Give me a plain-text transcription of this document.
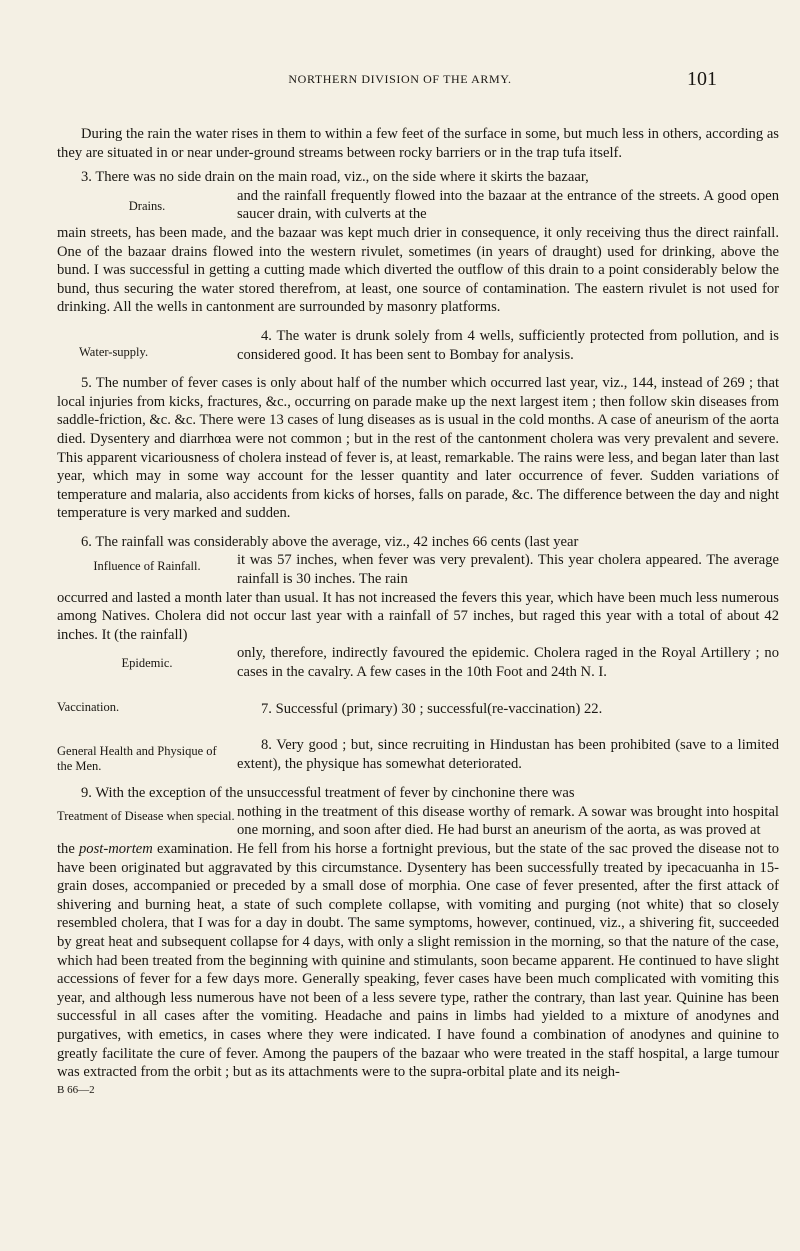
NORTHERN DIVISION OF THE ARMY.	101

During the rain the water rises in them to within a few feet of the surface in some, but much less in others, according as they are situated in or near under-ground streams between rocky barriers or in the trap tufa itself.

3. There was no side drain on the main road, viz., on the side where it skirts the bazaar,

Drains.
and the rainfall frequently flowed into the bazaar at the entrance of the streets. A good open saucer drain, with culverts at the

main streets, has been made, and the bazaar was kept much drier in consequence, it only receiving thus the direct rainfall. One of the bazaar drains flowed into the western rivulet, sometimes (in years of draught) used for drinking, above the bund. I was successful in getting a cutting made which diverted the outflow of this drain to a point considerably below the bund, thus securing the water stored therefrom, at least, one source of contamination. The eastern rivulet is not used for drinking. All the wells in cantonment are surrounded by masonry platforms.

Water-supply.
4. The water is drunk solely from 4 wells, sufficiently protected from pollution, and is considered good. It has been sent to Bombay for analysis.

5. The number of fever cases is only about half of the number which occurred last year, viz., 144, instead of 269 ; that local injuries from kicks, fractures, &c., occurring on parade make up the next largest item ; then follow skin diseases from saddle-friction, &c. &c. There were 13 cases of lung diseases as is usual in the cold months. A case of aneurism of the aorta died. Dysentery and diarrhœa were not common ; but in the rest of the cantonment cholera was very prevalent and severe. This apparent vicariousness of cholera instead of fever is, at least, remarkable. The rains were less, and began later than last year, which may in some way account for the lesser quantity and later occurrence of fever. Sudden variations of temperature and malaria, also accidents from kicks of horses, falls on parade, &c. The difference between the day and night temperature is very marked and sudden.

6. The rainfall was considerably above the average, viz., 42 inches 66 cents (last year

Influence of Rainfall.	it was 57 inches, when fever was very prevalent). This year cholera appeared. The average rainfall is 30 inches. The rain

occurred and lasted a month later than usual. It has not increased the fevers this year, which have been much less numerous among Natives. Cholera did not occur last year with a rainfall of 57 inches, but raged this year with a total of about 42 inches. It (the rainfall)

Epidemic.
only, therefore, indirectly favoured the epidemic. Cholera raged in the Royal Artillery ; no cases in the cavalry. A few cases in the 10th Foot and 24th N. I.
Vaccination.	7. Successful (primary) 30 ; successful(re-vaccination) 22.
General Health and Physique of the Men.
8. Very good ; but, since recruiting in Hindustan has been prohibited (save to a limited extent), the physique has somewhat deteriorated.

9. With the exception of the unsuccessful treatment of fever by cinchonine there was

Treatment of Disease when special. nothing in the treatment of this disease worthy of remark. A sowar was brought into hospital one morning, and soon after died. He had burst an aneurism of the aorta, as was proved at

the post-mortem examination. He fell from his horse a fortnight previous, but the state of the sac proved the disease not to have been originated but aggravated by this circumstance. Dysentery has been successfully treated by ipecacuanha in 15-grain doses, accompanied or preceded by a small dose of morphia. One case of fever presented, after the first attack of shivering and burning heat, a state of such complete collapse, with vomiting and purging (not white) that so closely resembled cholera, that I was for a day in doubt. The same symptoms, however, continued, viz., a shivering fit, succeeded by great heat and subsequent collapse for 4 days, with only a slight remission in the morning, so that the nature of the case, which had been treated from the beginning with quinine and stimulants, soon became apparent. He continued to have slight accessions of fever for a few days more. Generally speaking, fever cases have been much complicated with vomiting this year, and although less numerous have not been of a less severe type, rather the contrary, than last year. Quinine has been successful in all cases after the vomiting. Headache and pains in limbs had yielded to a mixture of anodynes and purgatives, with emetics, in cases where they were indicated. I have found a combination of anodynes and quinine to greatly facilitate the cure of fever. Among the paupers of the bazaar who were treated in the staff hospital, a large tumour was extracted from the orbit ; but as its attachments were to the supra-orbital plate and its neigh-

B 66—2
